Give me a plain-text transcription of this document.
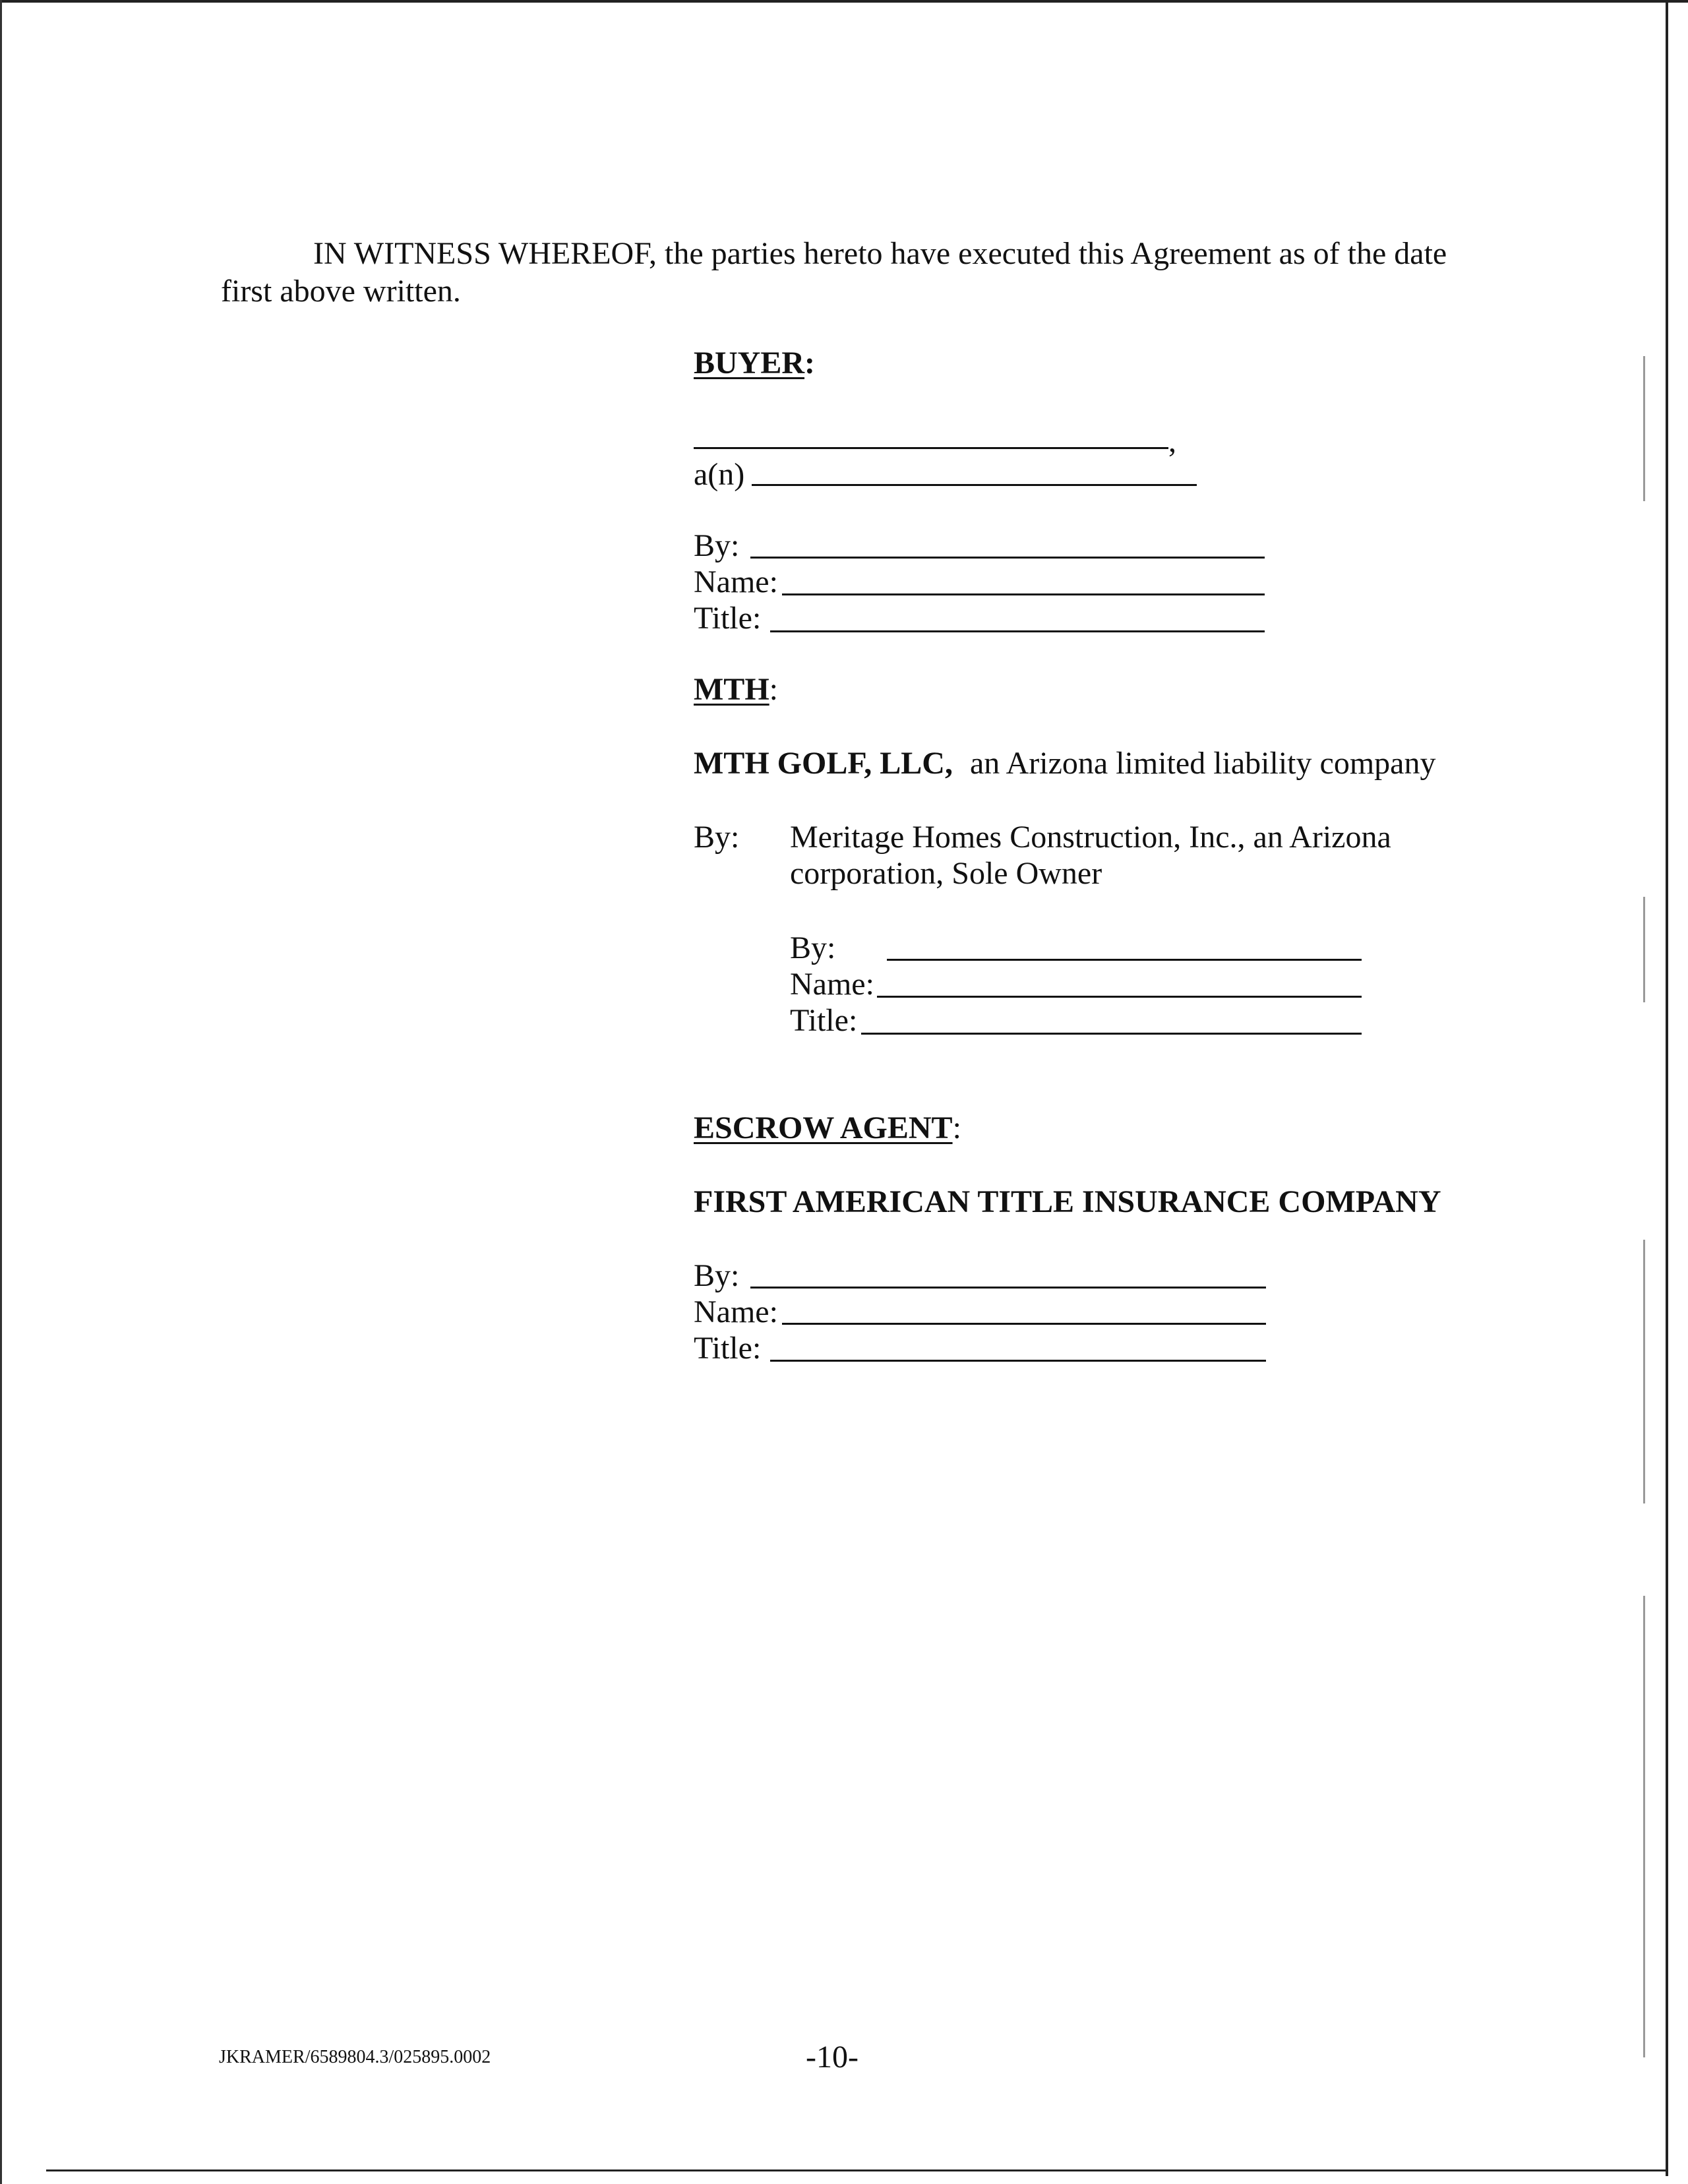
IN WITNESS WHEREOF, the parties hereto have executed this Agreement as of the date
first above written.
BUYER:
,
a(n)
By:
Name:
Title:
MTH:
MTH GOLF, LLC, an Arizona limited liability company
By: Meritage Homes Construction, Inc., an Arizona
corporation, Sole Owner
By:
Name:
Title:
ESCROW AGENT:
FIRST AMERICAN TITLE INSURANCE COMPANY
By:
Name:
Title:
JKRAMER/6589804.3/025895.0002	-10-
